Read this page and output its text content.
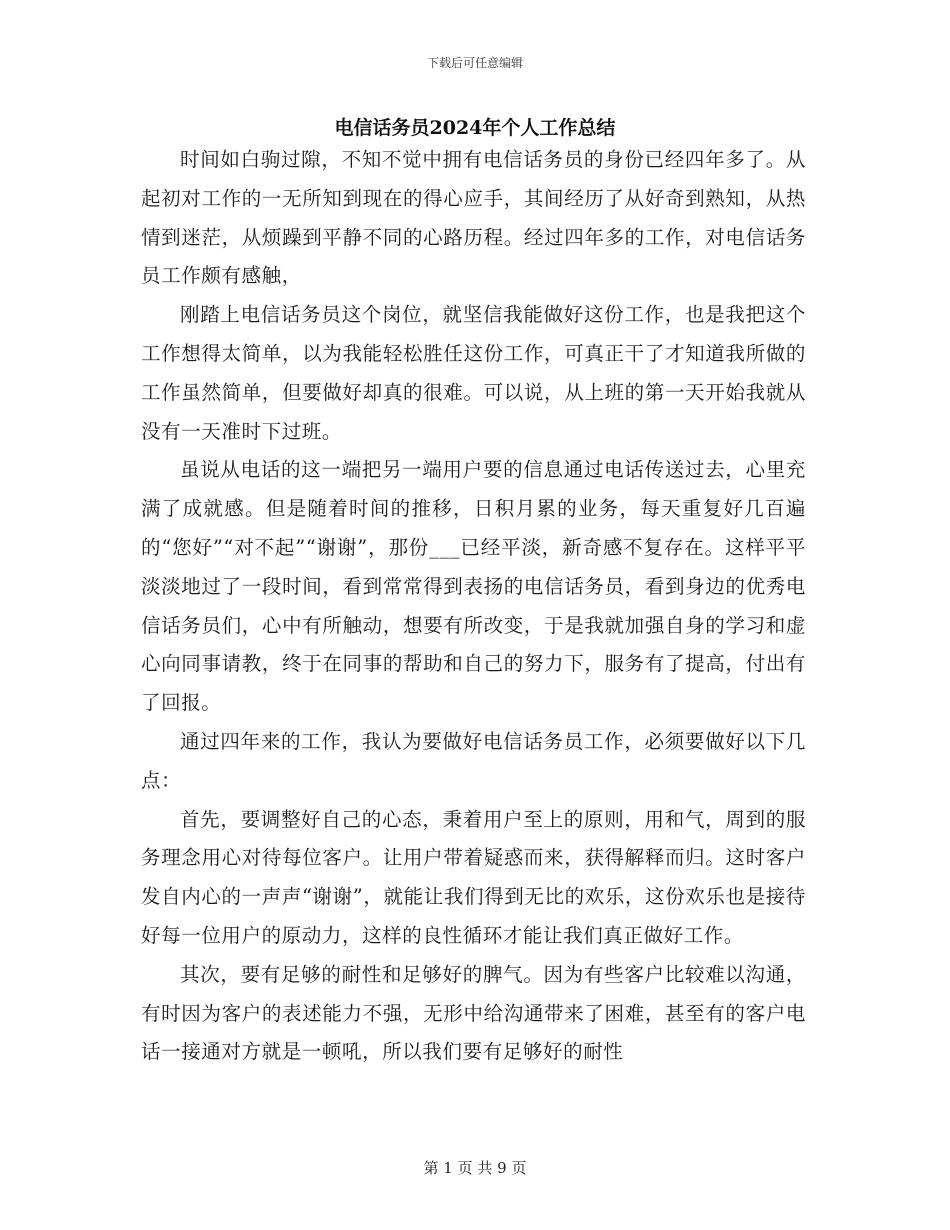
下载后可任意编辑
电信话务员2024年个人工作总结

时间如白驹过隙，不知不觉中拥有电信话务员的身份已经四年多了。从起初对工作的一无所知到现在的得心应手，其间经历了从好奇到熟知，从热情到迷茫，从烦躁到平静不同的心路历程。经过四年多的工作，对电信话务员工作颇有感触，

刚踏上电信话务员这个岗位，就坚信我能做好这份工作，也是我把这个工作想得太简单，以为我能轻松胜任这份工作，可真正干了才知道我所做的工作虽然简单，但要做好却真的很难。可以说，从上班的第一天开始我就从没有一天准时下过班。

虽说从电话的这一端把另一端用户要的信息通过电话传送过去，心里充满了成就感。但是随着时间的推移，日积月累的业务，每天重复好几百遍的“您好”“对不起”“谢谢”，那份___已经平淡，新奇感不复存在。这样平平淡淡地过了一段时间，看到常常得到表扬的电信话务员，看到身边的优秀电信话务员们，心中有所触动，想要有所改变，于是我就加强自身的学习和虚心向同事请教，终于在同事的帮助和自己的努力下，服务有了提高，付出有了回报。

通过四年来的工作，我认为要做好电信话务员工作，必须要做好以下几点：

首先，要调整好自己的心态，秉着用户至上的原则，用和气，周到的服务理念用心对待每位客户。让用户带着疑惑而来，获得解释而归。这时客户发自内心的一声声“谢谢”，就能让我们得到无比的欢乐，这份欢乐也是接待好每一位用户的原动力，这样的良性循环才能让我们真正做好工作。

其次，要有足够的耐性和足够好的脾气。因为有些客户比较难以沟通，有时因为客户的表述能力不强，无形中给沟通带来了困难，甚至有的客户电话一接通对方就是一顿吼，所以我们要有足够好的耐性

第 1 页 共 9 页
